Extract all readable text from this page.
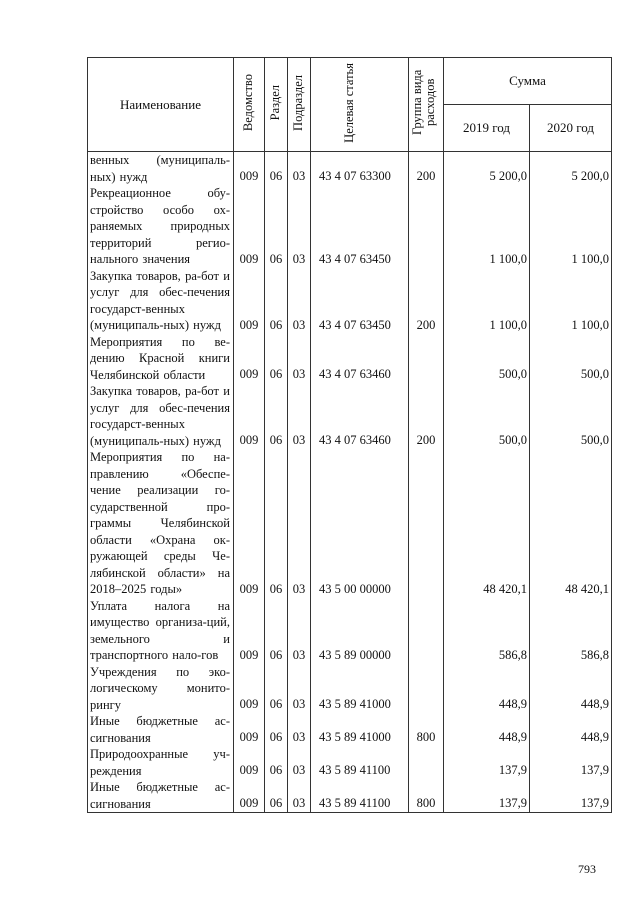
Наименование	Ведомство	Раздел	Подраздел	Целевая статья	Группа вида расходов	Сумма	
						2019 год	2020 год
венных (муниципаль-ных) нужд	009	06	03	43 4 07 63300	200	5 200,0	5 200,0
Рекреационное обу-стройство особо ох-раняемых природных территорий регио-нального значения	009	06	03	43 4 07 63450		1 100,0	1 100,0
Закупка товаров, ра-бот и услуг для обес-печения государст-венных (муниципаль-ных) нужд	009	06	03	43 4 07 63450	200	1 100,0	1 100,0
Мероприятия по ве-дению Красной книги Челябинской области	009	06	03	43 4 07 63460		500,0	500,0
Закупка товаров, ра-бот и услуг для обес-печения государст-венных (муниципаль-ных) нужд	009	06	03	43 4 07 63460	200	500,0	500,0
Мероприятия по на-правлению «Обеспе-чение реализации го-сударственной про-граммы Челябинской области «Охрана ок-ружающей среды Че-лябинской области» на 2018–2025 годы»	009	06	03	43 5 00 00000		48 420,1	48 420,1
Уплата налога на имущество организа-ций, земельного и транспортного нало-гов	009	06	03	43 5 89 00000		586,8	586,8
Учреждения по эко-логическому монито-рингу	009	06	03	43 5 89 41000		448,9	448,9
Иные бюджетные ас-сигнования	009	06	03	43 5 89 41000	800	448,9	448,9
Природоохранные уч-реждения	009	06	03	43 5 89 41100		137,9	137,9
Иные бюджетные ас-сигнования	009	06	03	43 5 89 41100	800	137,9	137,9
793
